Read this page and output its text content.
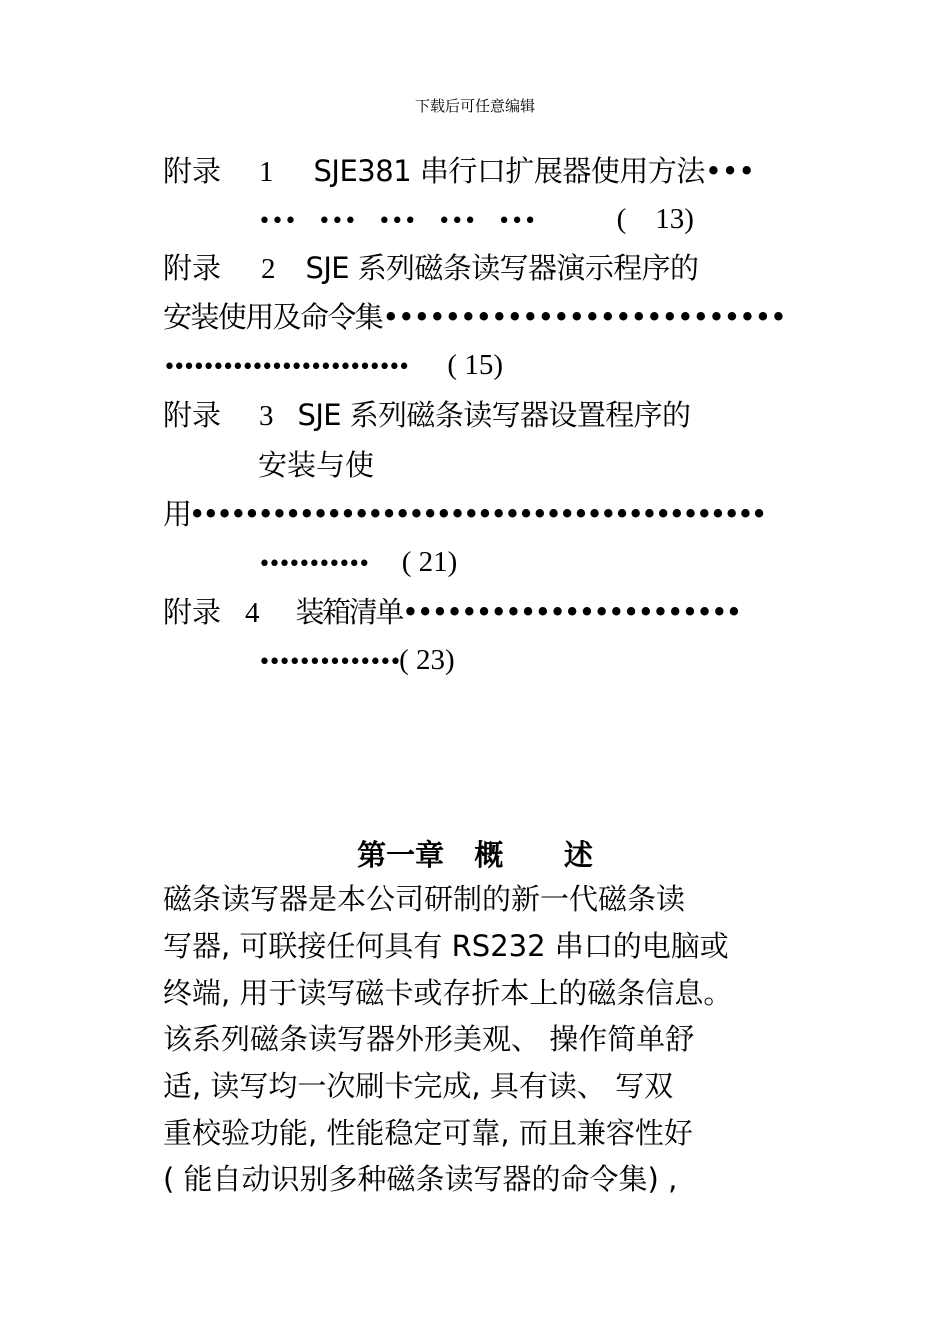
下载后可任意编辑
附录 1 SJE381 串行口扩展器使用方法•••
•••   •••   •••   •••   •••	(    13)
附录 2 SJE 系列磁条读写器演示程序的
安装使用及命令集••••••••••••••••••••••••••
••••••••••••••••••••••••• ( 15)
附录 3 SJE 系列磁条读写器设置程序的
安装与使
用••••••••••••••••••••••••••••••••••••••••••
••••••••••• ( 21)
附录 4 装箱清单•••••••••••••••••••••••
••••••••••••••( 23)
第一章   概      述
磁条读写器是本公司研制的新一代磁条读
写器, 可联接任何具有 RS232 串口的电脑或
终端, 用于读写磁卡或存折本上的磁条信息。
该系列磁条读写器外形美观、 操作简单舒
适, 读写均一次刷卡完成, 具有读、 写双
重校验功能, 性能稳定可靠, 而且兼容性好
( 能自动识别多种磁条读写器的命令集) ,
